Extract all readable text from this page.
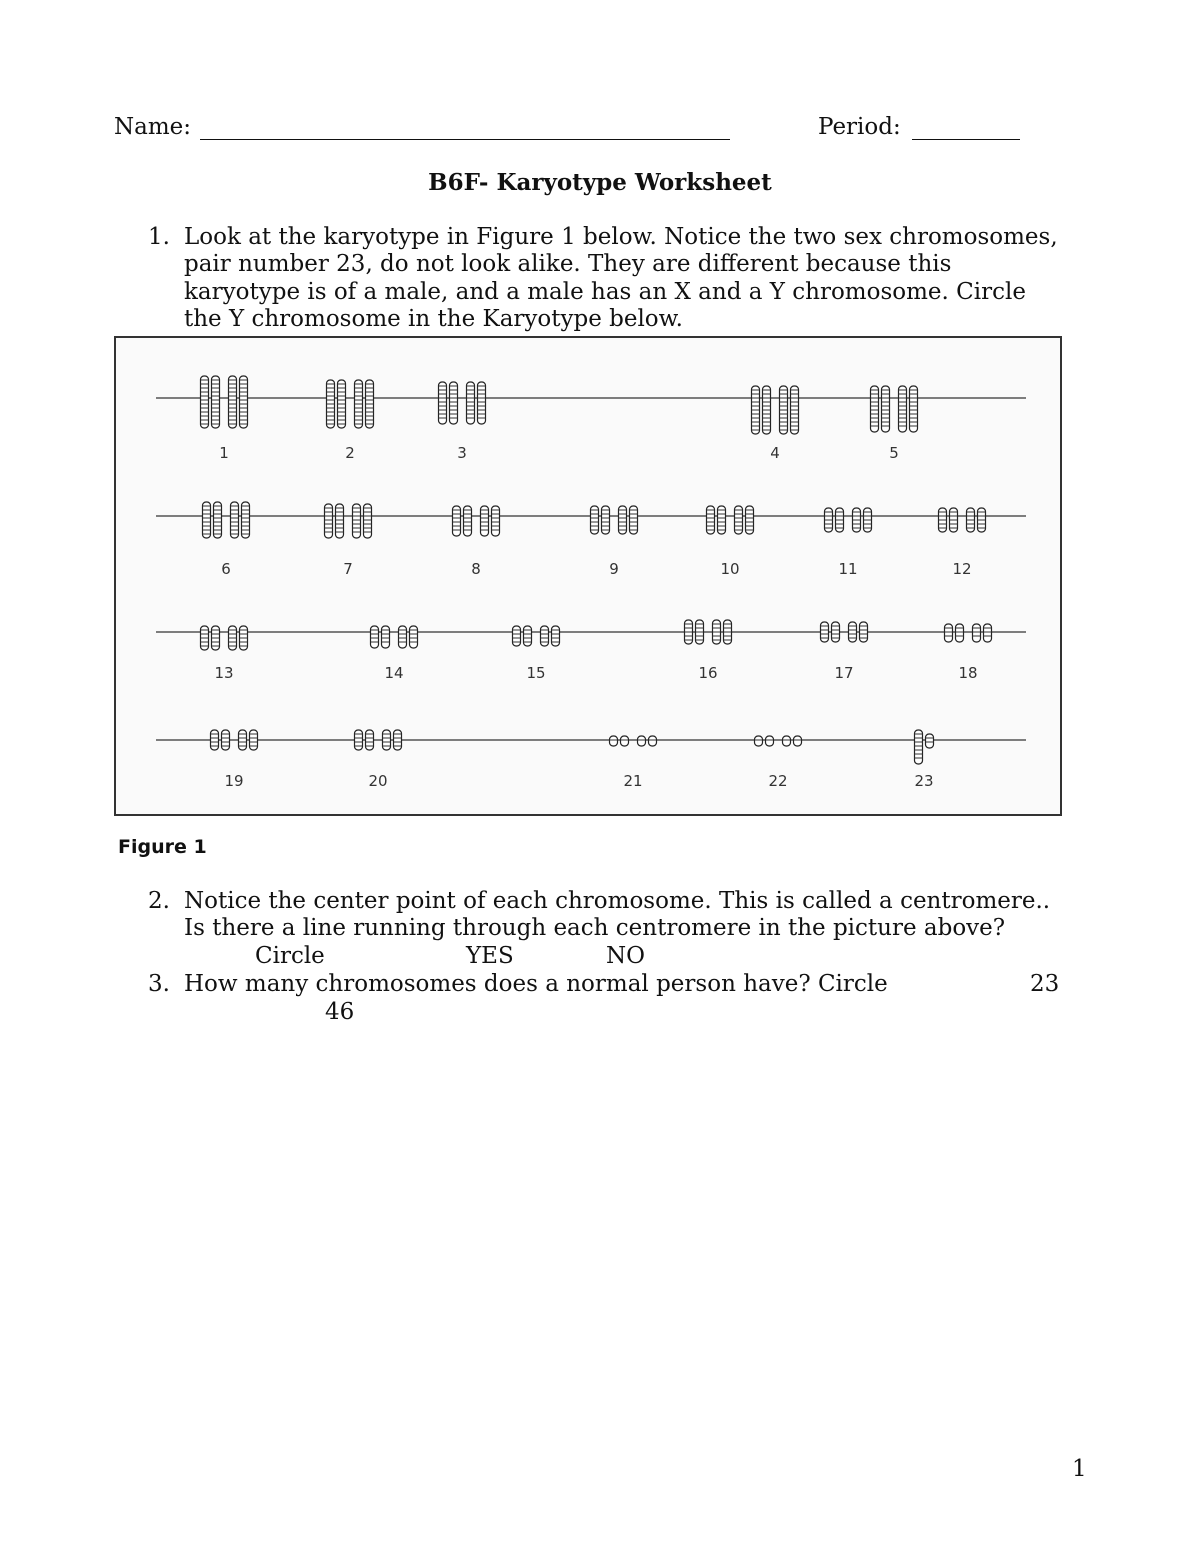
Name:	Period:
B6F- Karyotype Worksheet
1. Look at the karyotype in Figure 1 below. Notice the two sex chromosomes,
pair number 23, do not look alike. They are different because this
karyotype is of a male, and a male has an X and a Y chromosome. Circle
the Y chromosome in the Karyotype below.
1	2	3	4	5
6	7	8	9	10	11	12
13	14	15	16	17	18
19	20	21	22	23
Figure 1
2. Notice the center point of each chromosome. This is called a centromere..
Is there a line running through each centromere in the picture above?
Circle	YES	NO
3. How many chromosomes does a normal person have? Circle	23
46
1
